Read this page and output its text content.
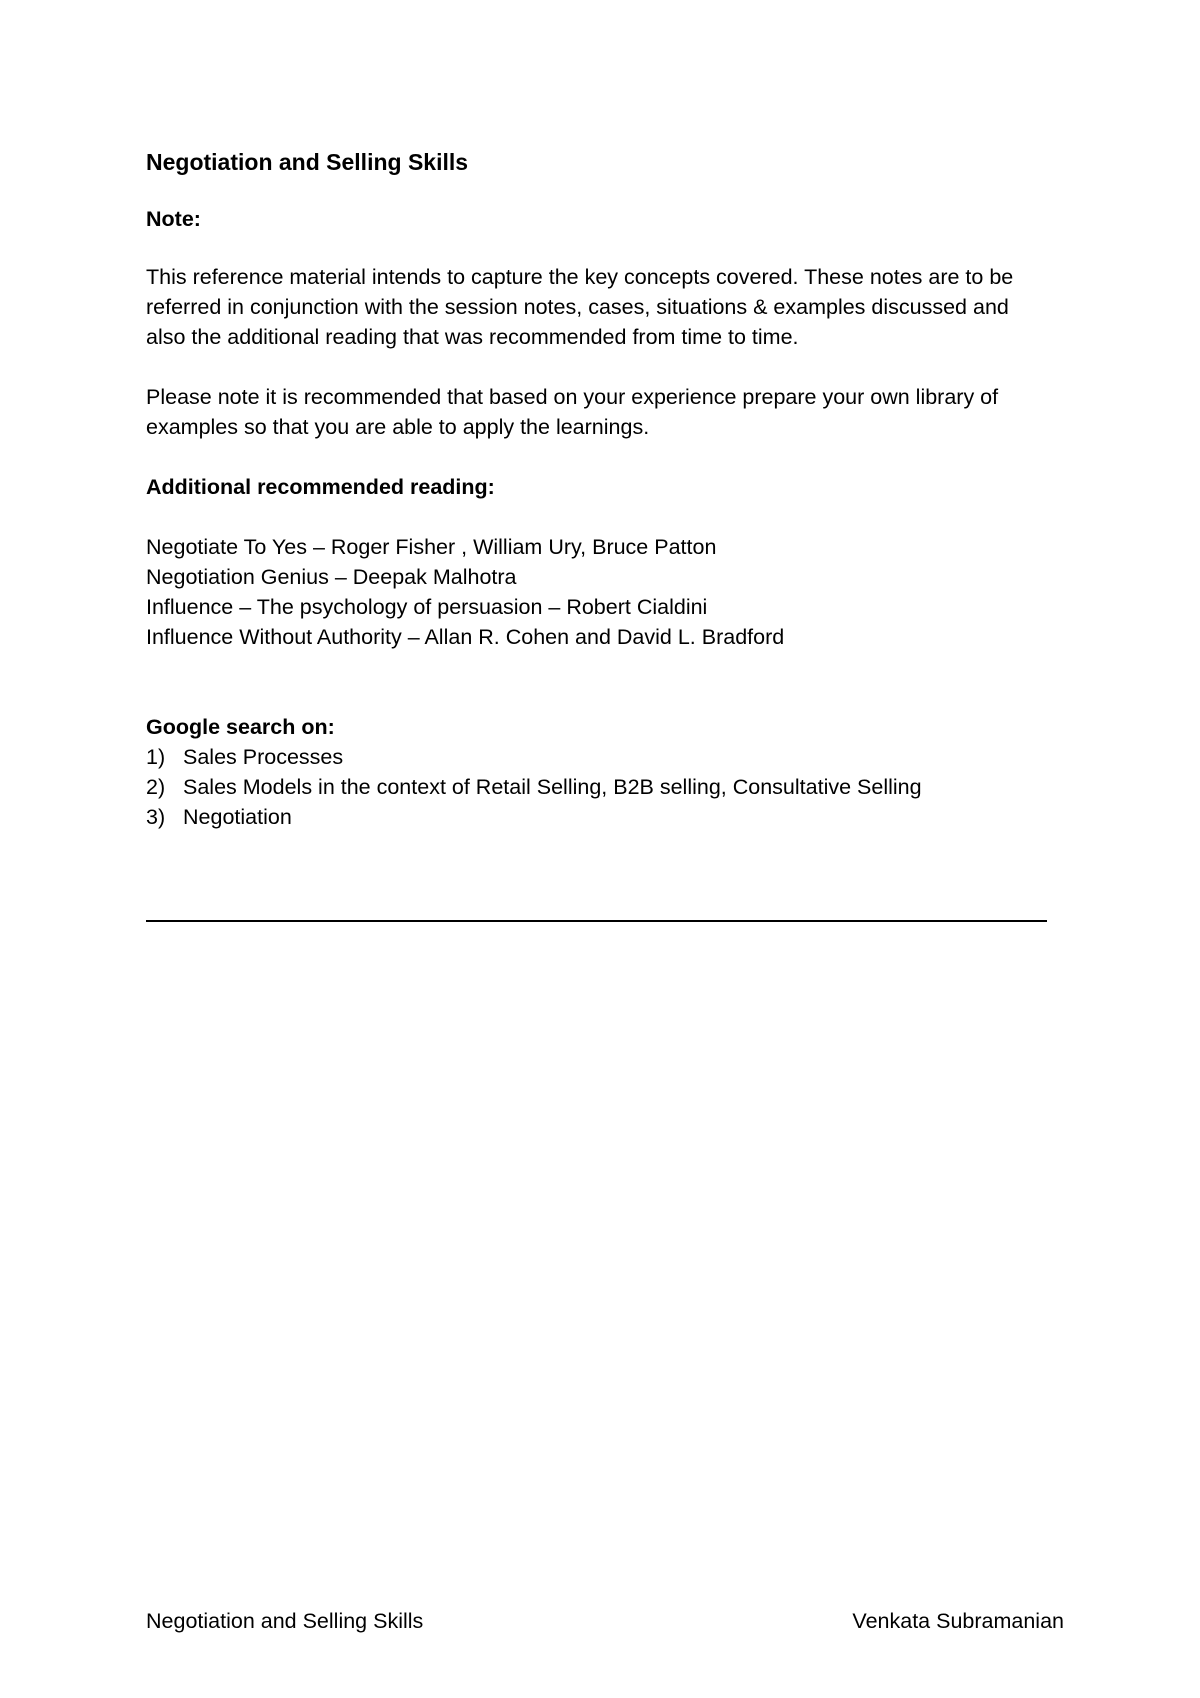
Negotiation and Selling Skills
Note:

This reference material intends to capture the key concepts covered. These notes are to be
referred in conjunction with the session notes, cases, situations & examples discussed and
also the additional reading that was recommended from time to time.

Please note it is recommended that based on your experience prepare your own library of
examples so that you are able to apply the learnings.

Additional recommended reading:
Negotiate To Yes – Roger Fisher , William Ury, Bruce Patton
Negotiation Genius – Deepak Malhotra
Influence – The psychology of persuasion – Robert Cialdini
Influence Without Authority – Allan R. Cohen and David L. Bradford
Google search on:
1) Sales Processes
2) Sales Models in the context of Retail Selling, B2B selling, Consultative Selling
3) Negotiation
Negotiation and Selling Skills	Venkata Subramanian
